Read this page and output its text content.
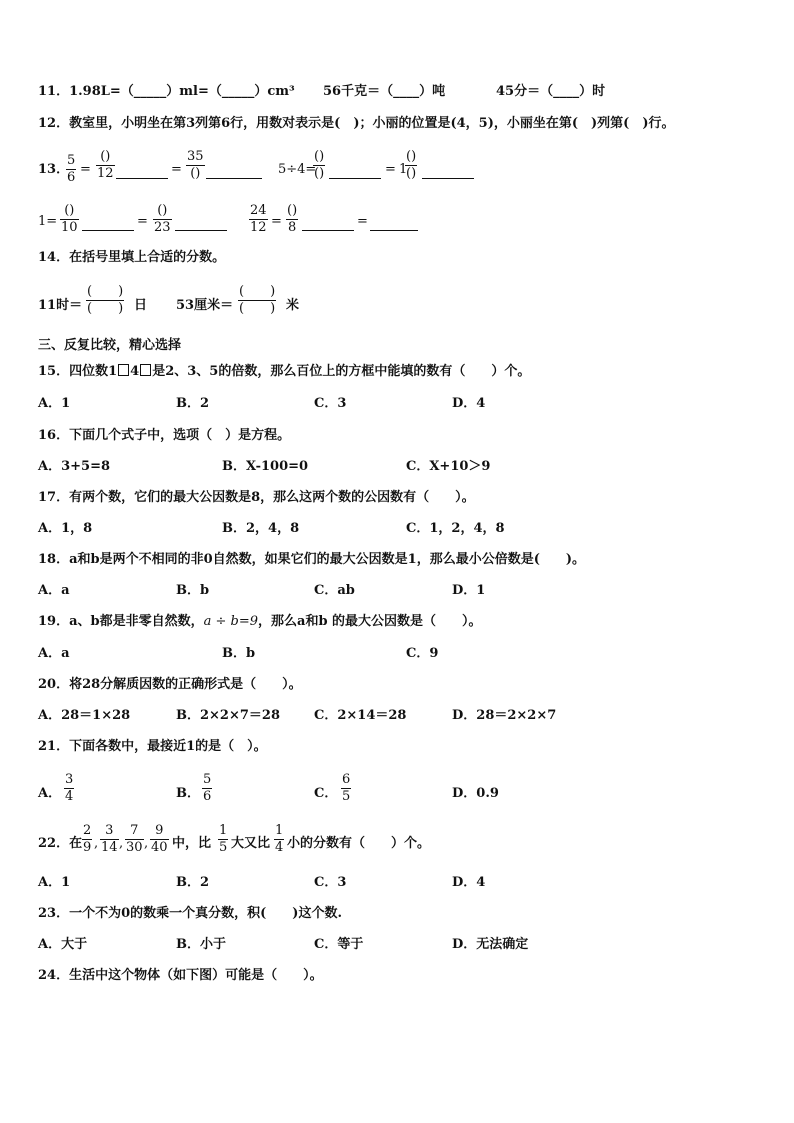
11．1.98L=（_____）ml=（_____）cm³ 56千克＝（____）吨	45分＝（____）时
12．教室里，小明坐在第3列第6行，用数对表示是(　)；小丽的位置是(4，5)，小丽坐在第(　)列第(　)行。
13．
5
6
=
()
12	=
35
()	5÷4=
()
()	= 1
()
()
1=
()
10	=
()
23
24
12 =
()
8	=
14．在括号里填上合适的分数。
11时＝
(　　)
(　　) 日 53厘米＝
(　　)
(　　) 米
三、反复比较，精心选择
15．四位数1 4 是2、3、5的倍数，那么百位上的方框中能填的数有（　　）个。
A．1	B．2	C．3	D．4
16．下面几个式子中，选项（　）是方程。
A．3+5=8	B．X-100=0	C．X+10＞9
17．有两个数，它们的最大公因数是8，那么这两个数的公因数有（　　）。
A．1，8	B．2，4，8	C．1，2，4，8
18．a和b是两个不相同的非0自然数，如果它们的最大公因数是1，那么最小公倍数是(　　)。
A．a	B．b	C．ab	D．1
19．a、b都是非零自然数，a ÷ b=9，那么a和b 的最大公因数是（　　）。
A．a	B．b	C．9
20．将28分解质因数的正确形式是（　　）。
A．28＝1×28	B．2×2×7＝28	C．2×14＝28	D．28＝2×2×7
21．下面各数中，最接近1的是（　）。
A．
3
4	B．
5
6	C．
6
5	D．0.9
22．在
2
9 ,
3
14 ,
7
30 ,
9
40 中，比
1
5 大又比
1
4 小的分数有（　　）个。
A．1	B．2	C．3	D．4
23．一个不为0的数乘一个真分数，积(　　)这个数.
A．大于	B．小于	C．等于	D．无法确定
24．生活中这个物体（如下图）可能是（　　）。
